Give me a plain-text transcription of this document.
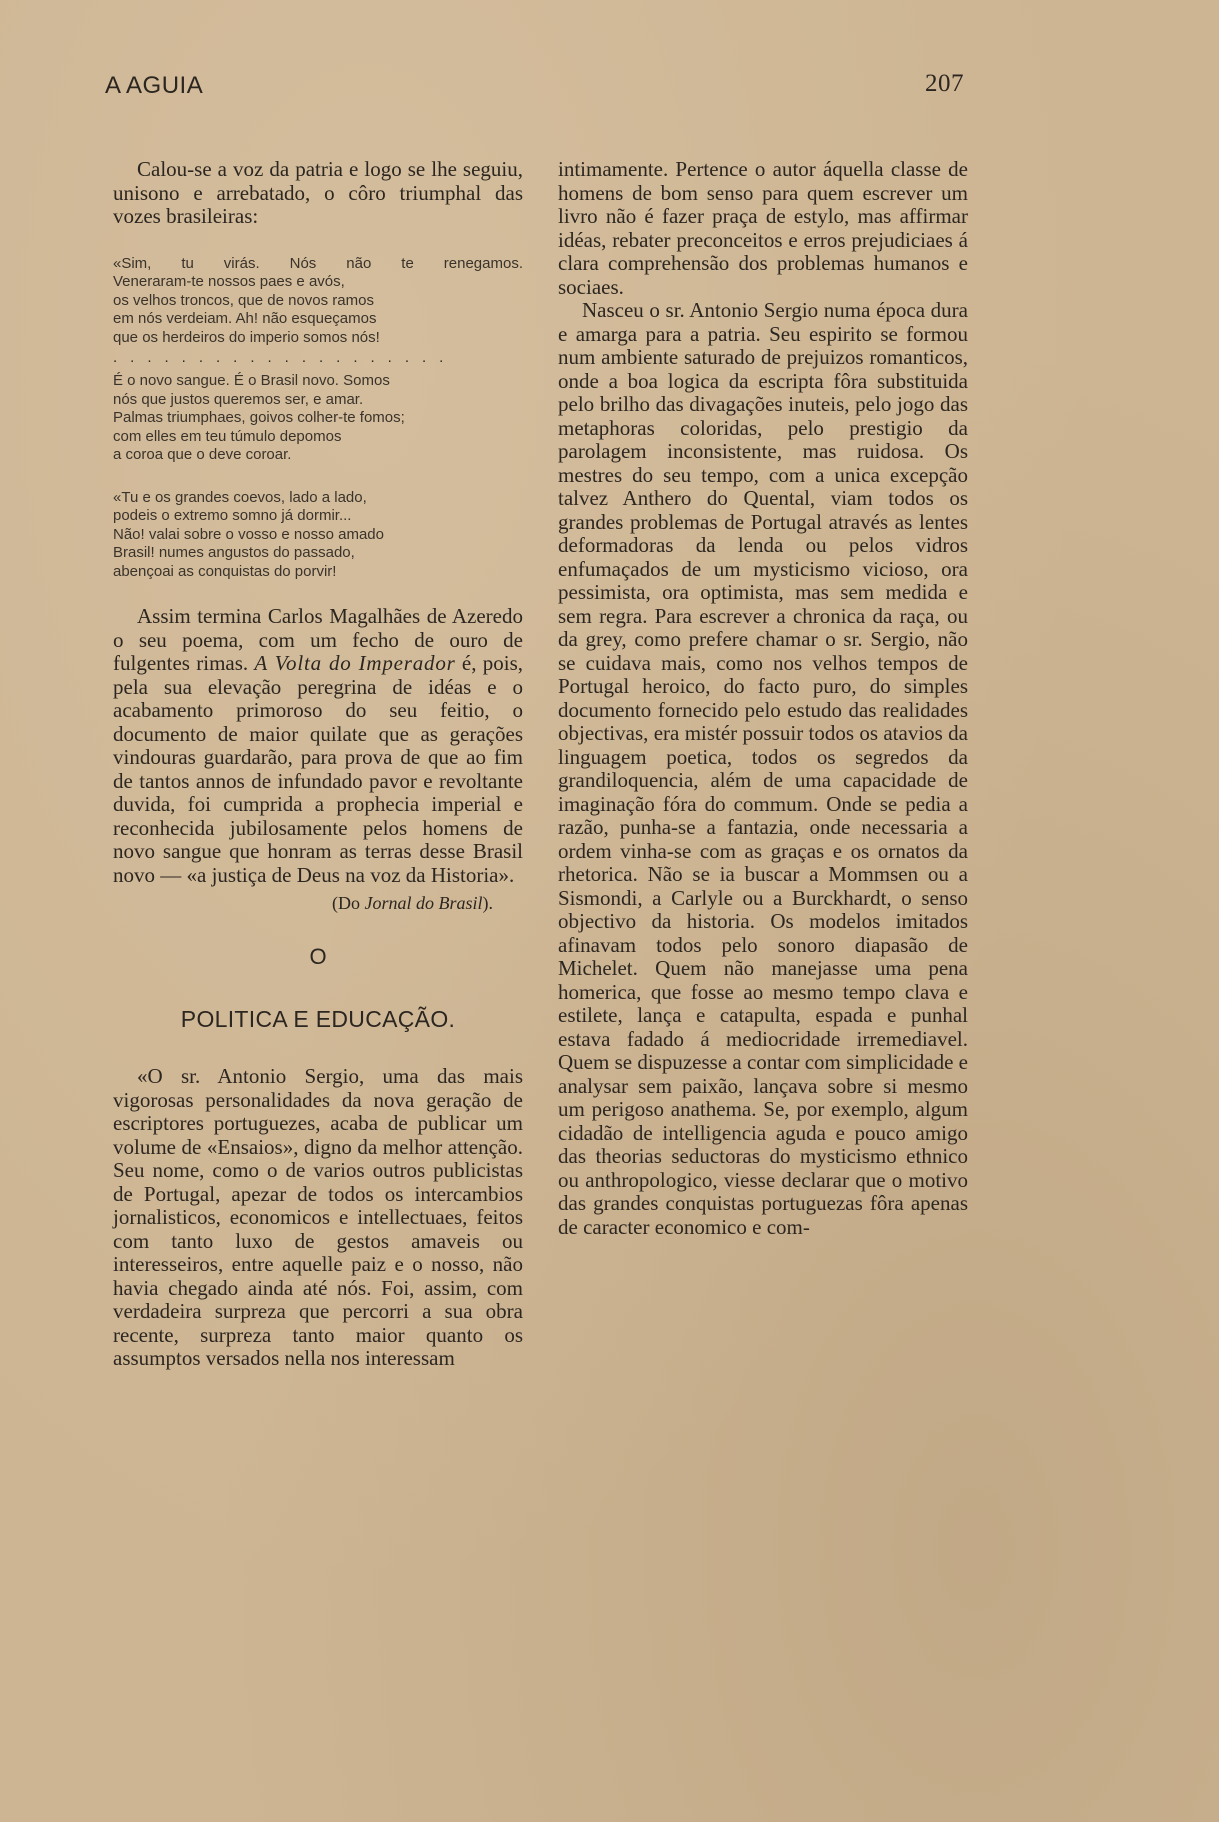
A AGUIA	207

Calou-se a voz da patria e logo se lhe seguiu, unisono e arrebatado, o côro triumphal das vozes brasileiras:

«Sim, tu virás. Nós não te renegamos.
Veneraram-te nossos paes e avós,
os velhos troncos, que de novos ramos
em nós verdeiam. Ah! não esqueçamos
que os herdeiros do imperio somos nós!
....................
É o novo sangue. É o Brasil novo. Somos
nós que justos queremos ser, e amar.
Palmas triumphaes, goivos colher-te fomos;
com elles em teu túmulo depomos
a coroa que o deve coroar.
«Tu e os grandes coevos, lado a lado,
podeis o extremo somno já dormir...
Não! valai sobre o vosso e nosso amado
Brasil! numes angustos do passado,
abençoai as conquistas do porvir!

Assim termina Carlos Magalhães de Azeredo o seu poema, com um fecho de ouro de fulgentes rimas. A Volta do Imperador é, pois, pela sua elevação peregrina de idéas e o acabamento primoroso do seu feitio, o documento de maior quilate que as gerações vindouras guardarão, para prova de que ao fim de tantos annos de infundado pavor e revoltante duvida, foi cumprida a prophecia imperial e reconhecida jubilosamente pelos homens de novo sangue que honram as terras desse Brasil novo — «a justiça de Deus na voz da Historia».

(Do Jornal do Brasil).

O
POLITICA E EDUCAÇÃO.

«O sr. Antonio Sergio, uma das mais vigorosas personalidades da nova geração de escriptores portuguezes, acaba de publicar um volume de «Ensaios», digno da melhor attenção. Seu nome, como o de varios outros publicistas de Portugal, apezar de todos os intercambios jornalisticos, economicos e intellectuaes, feitos com tanto luxo de gestos amaveis ou interesseiros, entre aquelle paiz e o nosso, não havia chegado ainda até nós. Foi, assim, com verdadeira surpreza que percorri a sua obra recente, surpreza tanto maior quanto os assumptos versados nella nos interessam

intimamente. Pertence o autor áquella classe de homens de bom senso para quem escrever um livro não é fazer praça de estylo, mas affirmar idéas, rebater preconceitos e erros prejudiciaes á clara comprehensão dos problemas humanos e sociaes.

Nasceu o sr. Antonio Sergio numa época dura e amarga para a patria. Seu espirito se formou num ambiente saturado de prejuizos romanticos, onde a boa logica da escripta fôra substituida pelo brilho das divagações inuteis, pelo jogo das metaphoras coloridas, pelo prestigio da parolagem inconsistente, mas ruidosa. Os mestres do seu tempo, com a unica excepção talvez Anthero do Quental, viam todos os grandes problemas de Portugal através as lentes deformadoras da lenda ou pelos vidros enfumaçados de um mysticismo vicioso, ora pessimista, ora optimista, mas sem medida e sem regra. Para escrever a chronica da raça, ou da grey, como prefere chamar o sr. Sergio, não se cuidava mais, como nos velhos tempos de Portugal heroico, do facto puro, do simples documento fornecido pelo estudo das realidades objectivas, era mistér possuir todos os atavios da linguagem poetica, todos os segredos da grandiloquencia, além de uma capacidade de imaginação fóra do commum. Onde se pedia a razão, punha-se a fantazia, onde necessaria a ordem vinha-se com as graças e os ornatos da rhetorica. Não se ia buscar a Mommsen ou a Sismondi, a Carlyle ou a Burckhardt, o senso objectivo da historia. Os modelos imitados afinavam todos pelo sonoro diapasão de Michelet. Quem não manejasse uma pena homerica, que fosse ao mesmo tempo clava e estilete, lança e catapulta, espada e punhal estava fadado á mediocridade irremediavel. Quem se dispuzesse a contar com simplicidade e analysar sem paixão, lançava sobre si mesmo um perigoso anathema. Se, por exemplo, algum cidadão de intelligencia aguda e pouco amigo das theorias seductoras do mysticismo ethnico ou anthropologico, viesse declarar que o motivo das grandes conquistas portuguezas fôra apenas de caracter economico e com-
